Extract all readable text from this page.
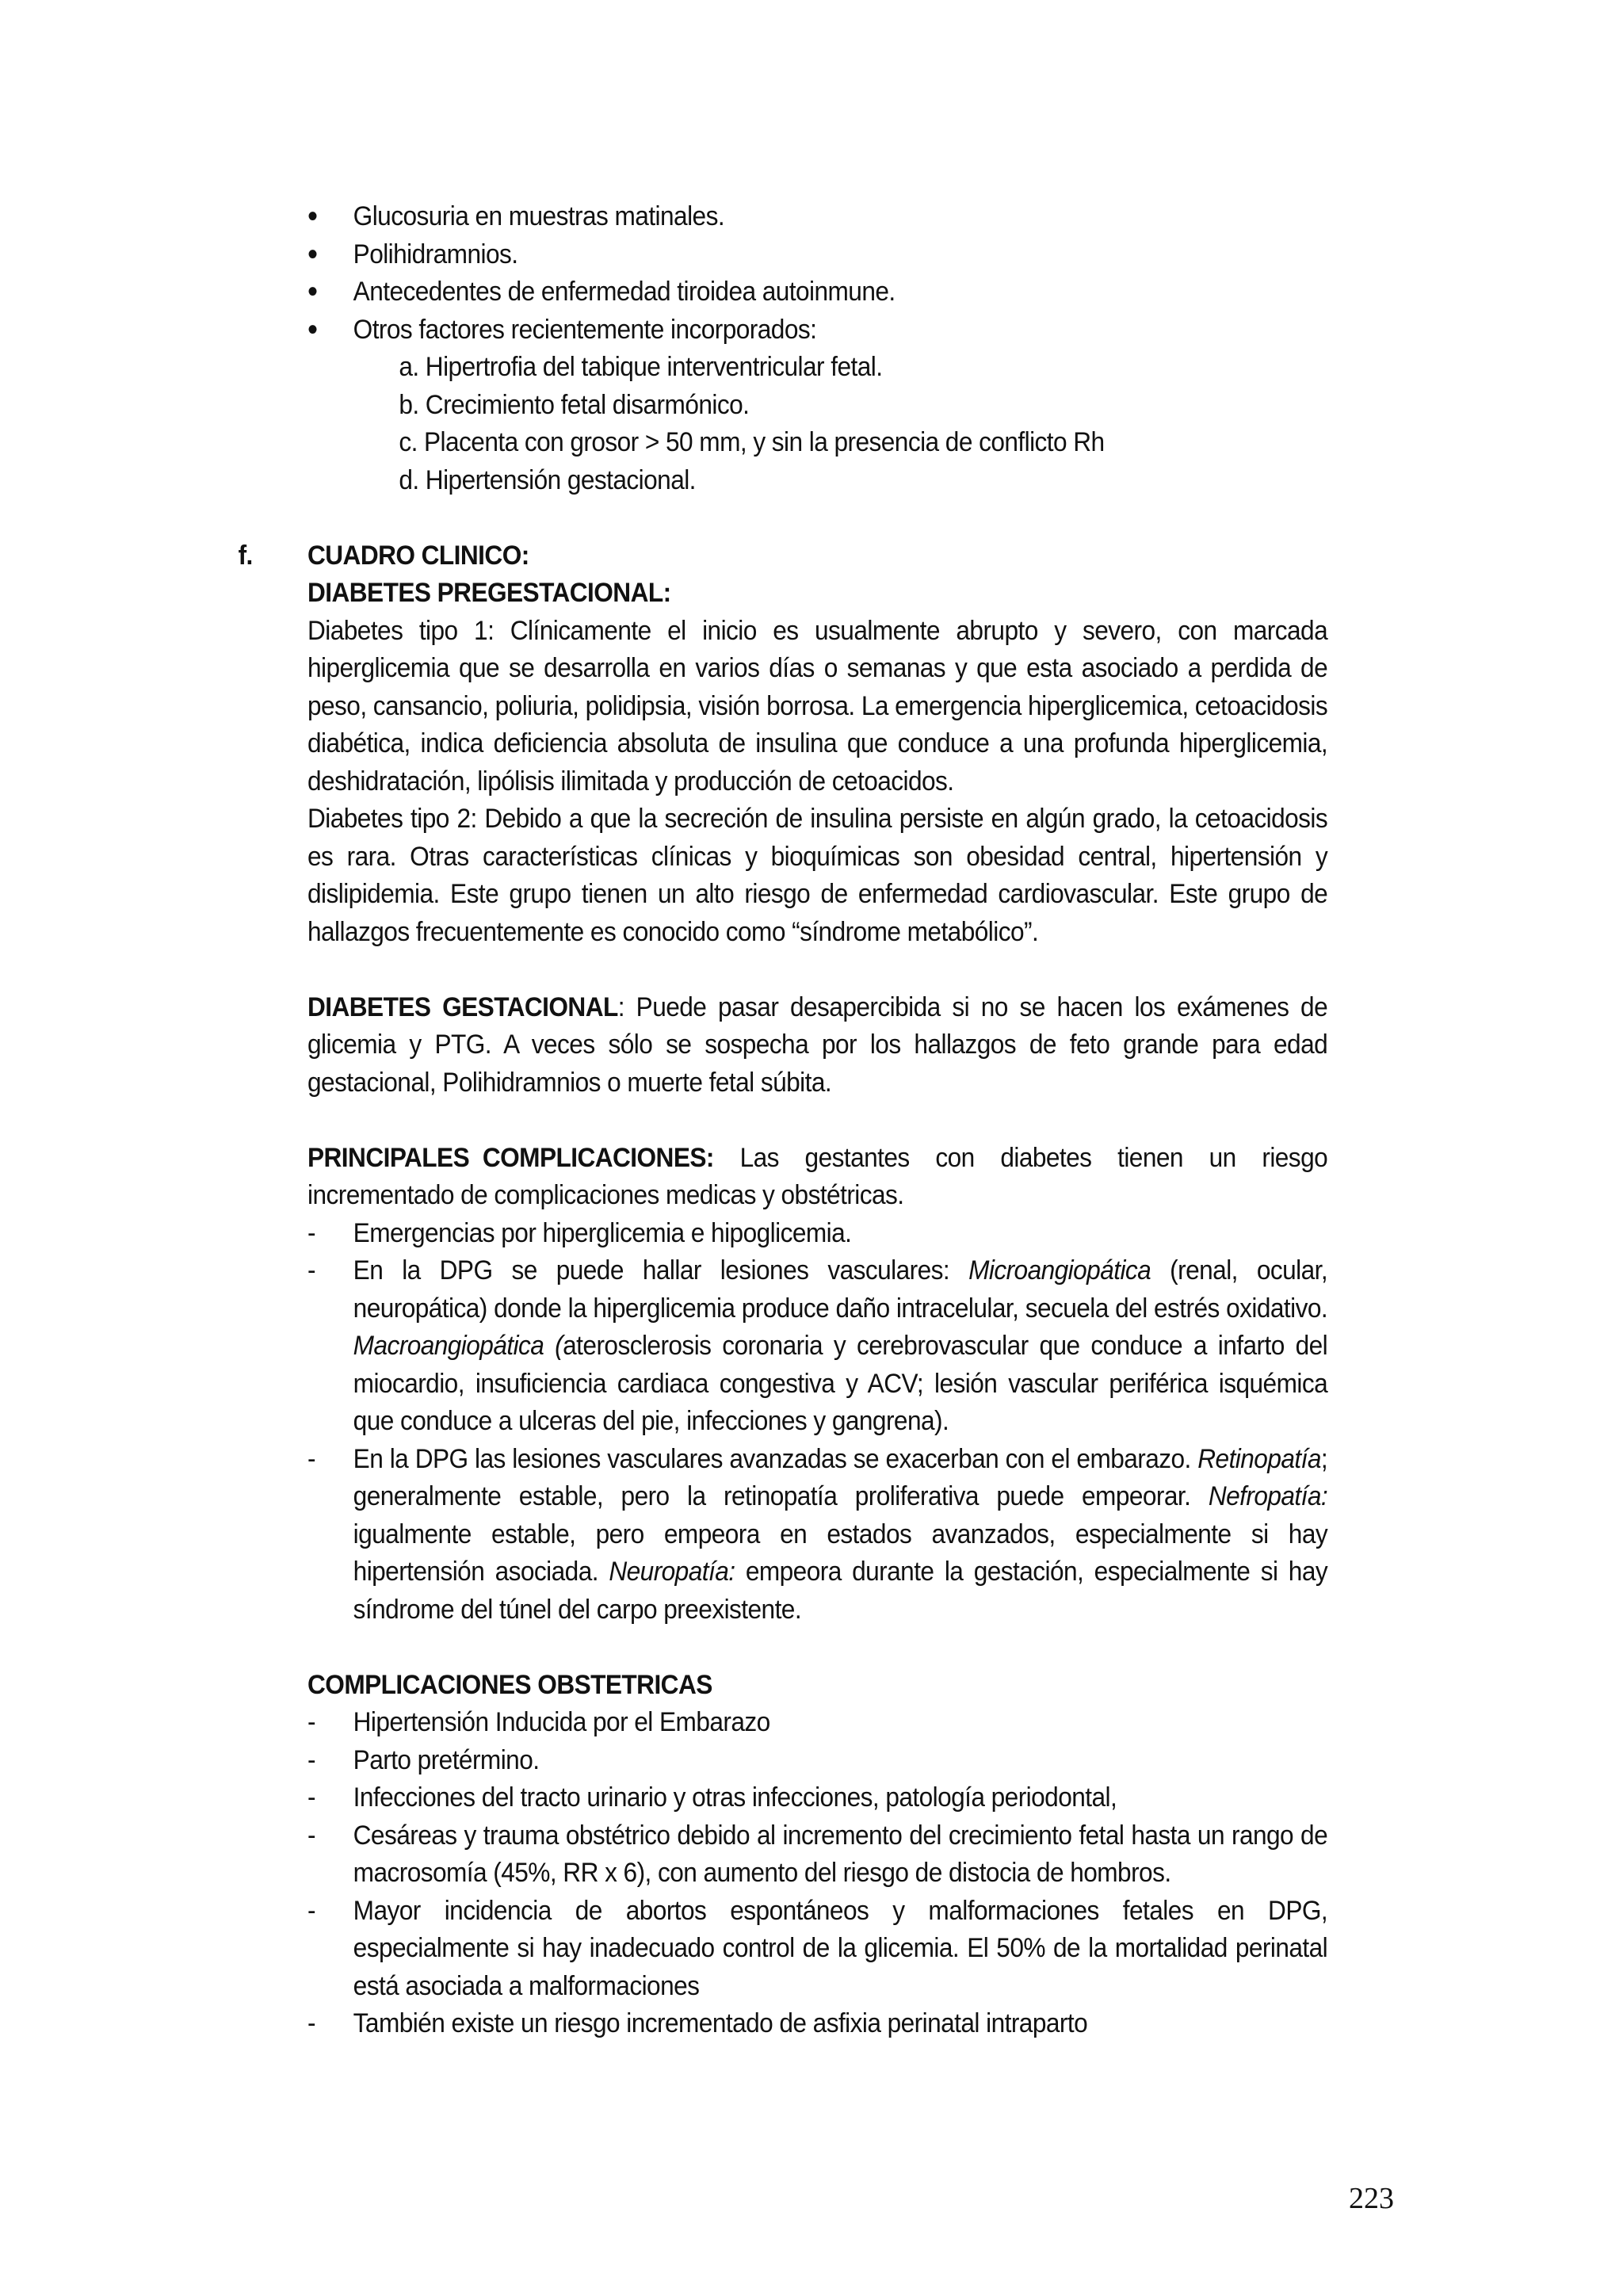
• Glucosuria en muestras matinales.
• Polihidramnios.
• Antecedentes de enfermedad tiroidea autoinmune.
• Otros factores recientemente incorporados:
a. Hipertrofia del tabique interventricular fetal.
b. Crecimiento fetal disarmónico.
c. Placenta con grosor > 50 mm, y sin la presencia de conflicto Rh
d. Hipertensión gestacional.
f. CUADRO CLINICO:
DIABETES PREGESTACIONAL:
Diabetes tipo 1: Clínicamente el inicio es usualmente abrupto y severo, con marcada hiperglicemia que se desarrolla en varios días o semanas y que esta asociado a perdida de peso, cansancio, poliuria, polidipsia, visión borrosa. La emergencia hiperglicemica, cetoacidosis diabética, indica deficiencia absoluta de insulina que conduce a una profunda hiperglicemia, deshidratación, lipólisis ilimitada y producción de cetoacidos.
Diabetes tipo 2: Debido a que la secreción de insulina persiste en algún grado, la cetoacidosis es rara. Otras características clínicas y bioquímicas son obesidad central, hipertensión y dislipidemia. Este grupo tienen un alto riesgo de enfermedad cardiovascular. Este grupo de hallazgos frecuentemente es conocido como “síndrome metabólico”.
DIABETES GESTACIONAL: Puede pasar desapercibida si no se hacen los exámenes de glicemia y PTG. A veces sólo se sospecha por los hallazgos de feto grande para edad gestacional, Polihidramnios o muerte fetal súbita.
PRINCIPALES COMPLICACIONES: Las gestantes con diabetes tienen un riesgo incrementado de complicaciones medicas y obstétricas.
- Emergencias por hiperglicemia e hipoglicemia.
- En la DPG se puede hallar lesiones vasculares: Microangiopática (renal, ocular, neuropática) donde la hiperglicemia produce daño intracelular, secuela del estrés oxidativo. Macroangiopática (aterosclerosis coronaria y cerebrovascular que conduce a infarto del miocardio, insuficiencia cardiaca congestiva y ACV; lesión vascular periférica isquémica que conduce a ulceras del pie, infecciones y gangrena).
- En la DPG las lesiones vasculares avanzadas se exacerban con el embarazo. Retinopatía; generalmente estable, pero la retinopatía proliferativa puede empeorar. Nefropatía: igualmente estable, pero empeora en estados avanzados, especialmente si hay hipertensión asociada. Neuropatía: empeora durante la gestación, especialmente si hay síndrome del túnel del carpo preexistente.
COMPLICACIONES OBSTETRICAS
- Hipertensión Inducida por el Embarazo
- Parto pretérmino.
- Infecciones del tracto urinario y otras infecciones, patología periodontal,
- Cesáreas y trauma obstétrico debido al incremento del crecimiento fetal hasta un rango de macrosomía (45%, RR x 6), con aumento del riesgo de distocia de hombros.
- Mayor incidencia de abortos espontáneos y malformaciones fetales en DPG, especialmente si hay inadecuado control de la glicemia. El 50% de la mortalidad perinatal está asociada a malformaciones
- También existe un riesgo incrementado de asfixia perinatal intraparto
223
